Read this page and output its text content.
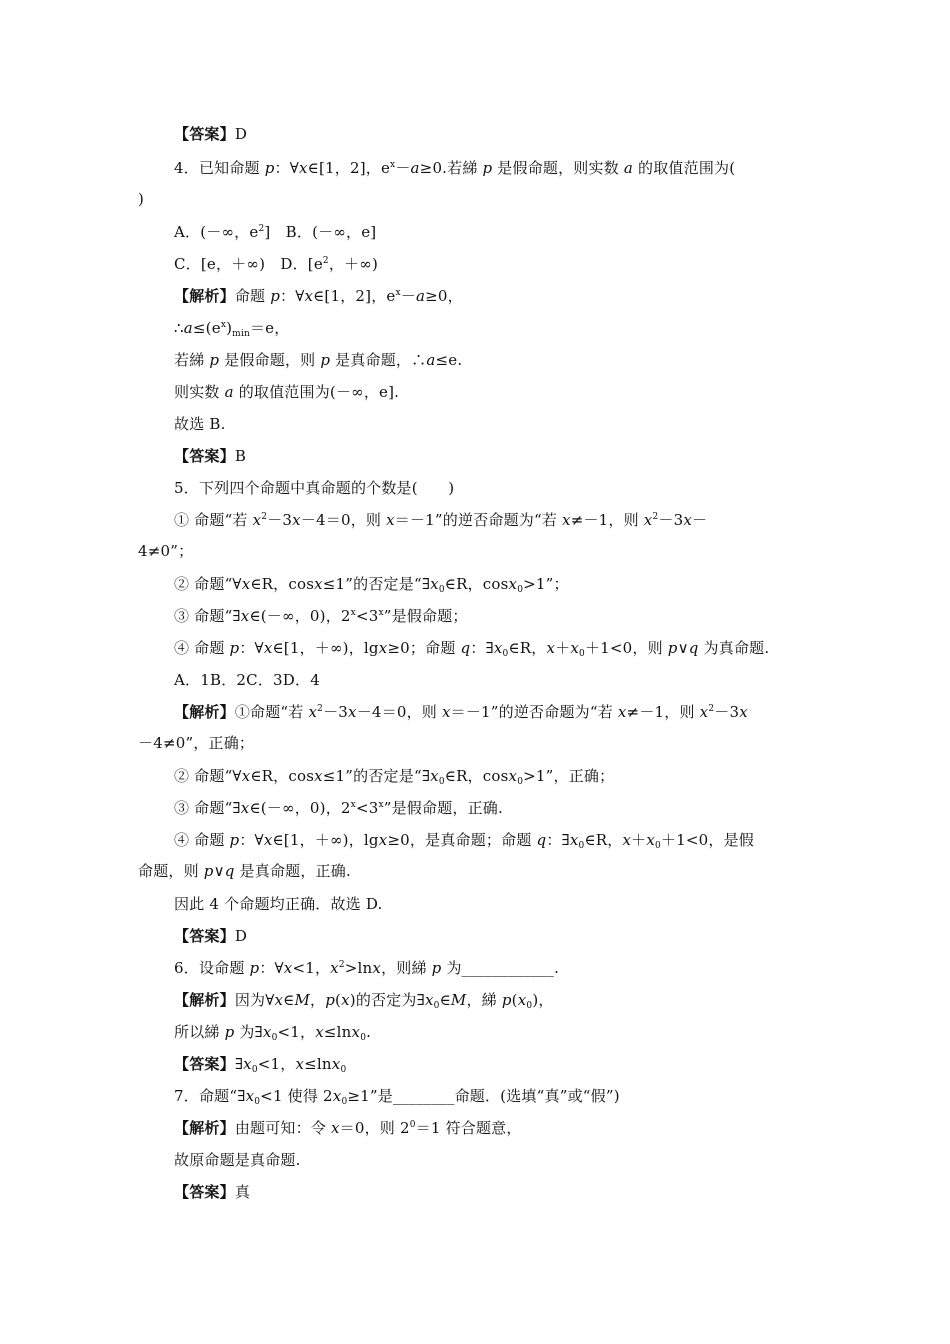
【答案】D
4．已知命题 p：∀x∈[1，2]，$e^x-a\ge 0$.若綈 p 是假命题，则实数 a 的取值范围为(
)
A．(－∞，$e^2$]　B．(－∞，e]
C．[e，＋∞)　D．[$e^2$，＋∞)
【解析】命题 p：∀x∈[1，2]，$e^x-a\ge 0$，
$\therefore a\le(e^x)_{min}=e$，
若綈 p 是假命题，则 p 是真命题，∴a≤e.
则实数 a 的取值范围为(－∞，e].
故选 B.
【答案】B
5．下列四个命题中真命题的个数是(　　)
① 命题“若 $x^2-3x-4=0$，则 x＝－1”的逆否命题为“若 x≠－1，则 $x^2-3x-$
4≠0”；
② 命题“∀x∈R，cosx≤1”的否定是“$\exists x_0\in R$，cosx$_0$>1”；
③ 命题“∃x∈(－∞，0)，$2^x<3^x$”是假命题；
④ 命题 p：∀x∈[1，＋∞)，lgx≥0；命题 q：$\exists x_0\in R$，$x+x_0+1<0$，则 p∨q 为真命题.
A．1B．2C．3D．4
【解析】①命题“若 $x^2-3x-4=0$，则 x＝－1”的逆否命题为“若 x≠－1，则 $x^2-3x$
－4≠0”，正确；
② 命题“∀x∈R，cosx≤1”的否定是“$\exists x_0\in R$，cosx$_0$>1”，正确；
③ 命题“∃x∈(－∞，0)，$2^x<3^x$”是假命题，正确.
④ 命题 p：∀x∈[1，＋∞)，lgx≥0，是真命题；命题 q：$\exists x_0\in R$，$x+x_0+1<0$，是假
命题，则 p∨q 是真命题，正确.
因此 4 个命题均正确．故选 D.
【答案】D
6．设命题 p：∀x<1，$x^2>\ln x$，则綈 p 为____________.
【解析】因为∀x∈M，p(x)的否定为$\exists x_0\in M$，綈 $p(x_0)$，
所以綈 p 为$\exists x_0<1$，x≤lnx$_0$.
【答案】$\exists x_0<1$，x≤lnx$_0$
7．命题“$\exists x_0<1$ 使得 $2x_0\ge 1$”是________命题．(选填“真”或“假”)
【解析】由题可知：令 x＝0，则 $2^0=1$ 符合题意，
故原命题是真命题.
【答案】真
